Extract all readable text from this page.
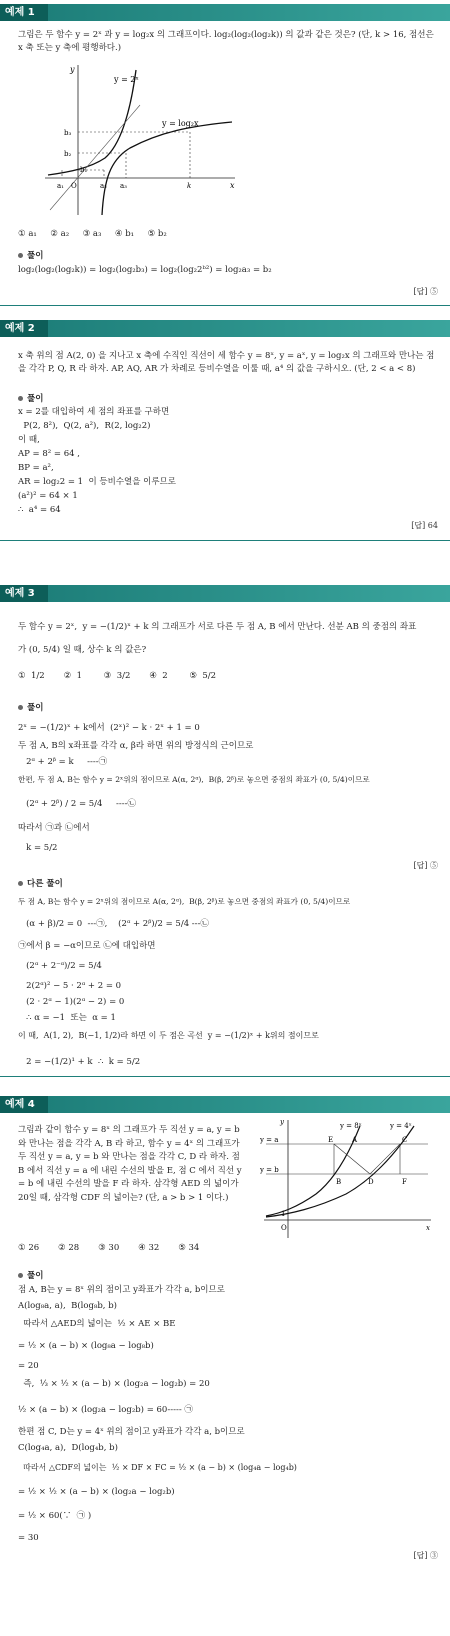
예제 1
그림은 두 함수 y = 2ˣ 과 y = log₂x 의 그래프이다. log₂(log₂(log₂k)) 의 값과 같은 것은? (단, k > 16, 점선은 x 축 또는 y 축에 평행하다.)
y
x
y = 2ˣ
y = log₂x
b₃
b₂
b₁
a₁ O	a₂ a₃	k
① a₁     ② a₂     ③ a₃     ④ b₁     ⑤ b₂
풀이
log₂(log₂(log₂k)) = log₂(log₂b₃) = log₂(log₂2ᵇ²) = log₂a₃ = b₂
[답] ⑤
예제 2
x 축 위의 점 A(2, 0) 을 지나고 x 축에 수직인 직선이 세 함수 y = 8ˣ, y = aˣ, y = log₂x 의 그래프와 만나는 점을 각각 P, Q, R 라 하자. AP, AQ, AR 가 차례로 등비수열을 이룰 때, a⁴ 의 값을 구하시오. (단, 2 < a < 8)
풀이
x = 2를 대입하여 세 점의 좌표를 구하면
P(2, 8²),  Q(2, a²),  R(2, log₂2)
이 때,
AP = 8² = 64 ,
BP = a²,
AR = log₂2 = 1  이 등비수열을 이루므로
(a²)² = 64 × 1
∴  a⁴ = 64
[답] 64
예제 3
두 함수 y = 2ˣ,  y = −(1/2)ˣ + k 의 그래프가 서로 다른 두 점 A, B 에서 만난다. 선분 AB 의 중점의 좌표
가 (0, 5/4) 일 때, 상수 k 의 값은?
①  1/2       ②  1        ③  3/2       ④  2        ⑤  5/2
풀이
2ˣ = −(1/2)ˣ + k에서  (2ˣ)² − k · 2ˣ + 1 = 0
두 점 A, B의 x좌표를 각각 α, β라 하면 위의 방정식의 근이므로
2ᵅ + 2ᵝ = k     ----㉠
한편, 두 점 A, B는 함수 y = 2ˣ위의 점이므로 A(α, 2ᵅ),  B(β, 2ᵝ)로 놓으면 중점의 좌표가 (0, 5/4)이므로
(2ᵅ + 2ᵝ) / 2 = 5/4     ----㉡
따라서 ㉠과 ㉡에서
k = 5/2
[답] ⑤
다른 풀이
두 점 A, B는 함수 y = 2ˣ위의 점이므로 A(α, 2ᵅ),  B(β, 2ᵝ)로 놓으면 중점의 좌표가 (0, 5/4)이므로
(α + β)/2 = 0  ---㉠,    (2ᵅ + 2ᵝ)/2 = 5/4 ---㉡
㉠에서 β = −α이므로 ㉡에 대입하면
(2ᵅ + 2⁻ᵅ)/2 = 5/4
2(2ᵅ)² − 5 · 2ᵅ + 2 = 0
(2 · 2ᵅ − 1)(2ᵅ − 2) = 0
∴ α = −1  또는  α = 1
이 때,  A(1, 2),  B(−1, 1/2)라 하면 이 두 점은 곡선  y = −(1/2)ˣ + k위의 점이므로
2 = −(1/2)¹ + k  ∴  k = 5/2
예제 4
그림과 같이 함수 y = 8ˣ 의 그래프가 두 직선 y = a, y = b 와 만나는 점을 각각 A, B 라 하고, 함수 y = 4ˣ 의 그래프가 두 직선 y = a, y = b 와 만나는 점을 각각 C, D 라 하자. 점 B 에서 직선 y = a 에 내린 수선의 발을 E, 점 C 에서 직선 y = b 에 내린 수선의 발을 F 라 하자. 삼각형 AED 의 넓이가 20일 때, 삼각형 CDF 의 넓이는? (단, a > b > 1 이다.)
y = 8ˣ	y = 4ˣ
y
x
y = a
y = b
1
O
A
B
C
D
E
F
① 26       ② 28       ③ 30       ④ 32       ⑤ 34
풀이
점 A, B는 y = 8ˣ 위의 점이고 y좌표가 각각 a, b이므로
A(log₈a, a),  B(log₈b, b)
따라서 △AED의 넓이는  ½ × AE × BE
= ½ × (a − b) × (log₈a − log₈b)
= 20
즉,  ⅓ × ½ × (a − b) × (log₂a − log₂b) = 20
½ × (a − b) × (log₂a − log₂b) = 60----- ㉠
한편 점 C, D는 y = 4ˣ 위의 점이고 y좌표가 각각 a, b이므로
C(log₄a, a),  D(log₄b, b)
따라서 △CDF의 넓이는  ½ × DF × FC = ½ × (a − b) × (log₄a − log₄b)
= ½ × ½ × (a − b) × (log₂a − log₂b)
= ½ × 60(∵  ㉠ )
= 30
[답] ③
